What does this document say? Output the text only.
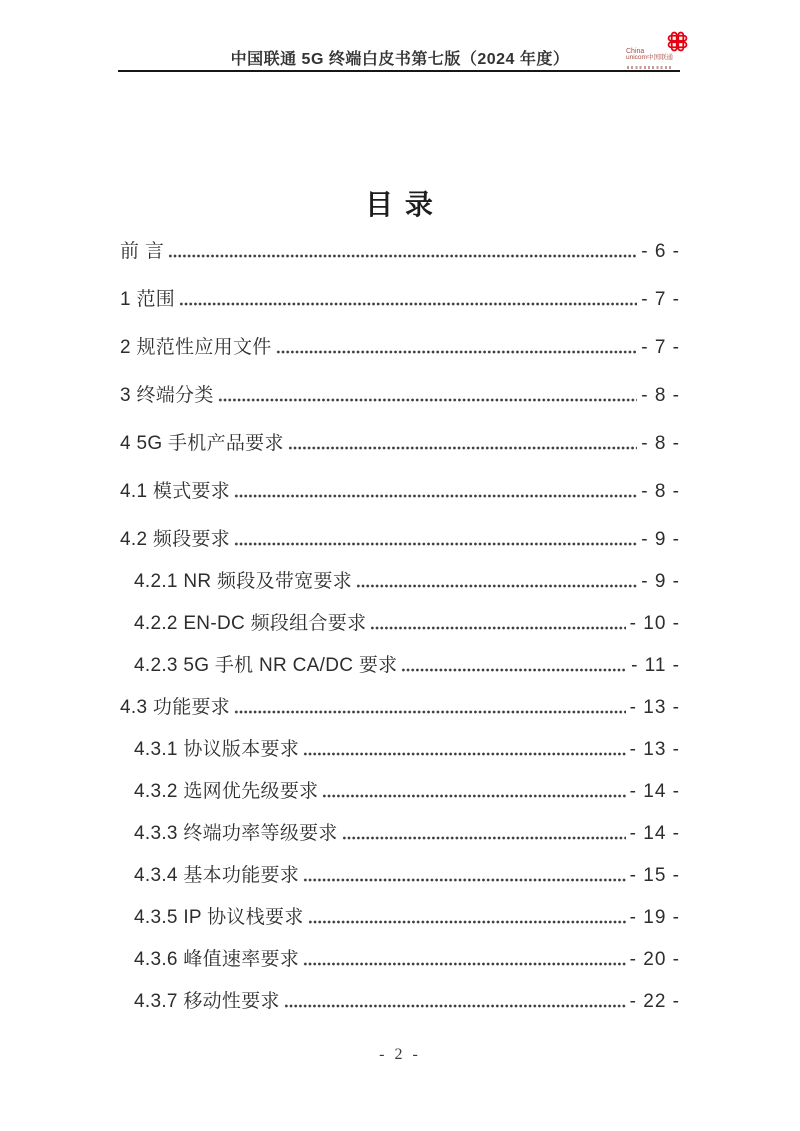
中国联通 5G 终端白皮书第七版（2024 年度）	China
unicom中国联通
目 录
前 言	- 6 -
1 范围	- 7 -
2 规范性应用文件	- 7 -
3 终端分类	- 8 -
4 5G 手机产品要求	- 8 -
4.1 模式要求	- 8 -
4.2 频段要求	- 9 -
4.2.1 NR 频段及带宽要求	- 9 -
4.2.2 EN-DC 频段组合要求	- 10 -
4.2.3 5G 手机 NR CA/DC 要求	- 11 -
4.3 功能要求	- 13 -
4.3.1 协议版本要求	- 13 -
4.3.2 选网优先级要求	- 14 -
4.3.3 终端功率等级要求	- 14 -
4.3.4 基本功能要求	- 15 -
4.3.5 IP 协议栈要求	- 19 -
4.3.6 峰值速率要求	- 20 -
4.3.7 移动性要求	- 22 -
- 2 -
